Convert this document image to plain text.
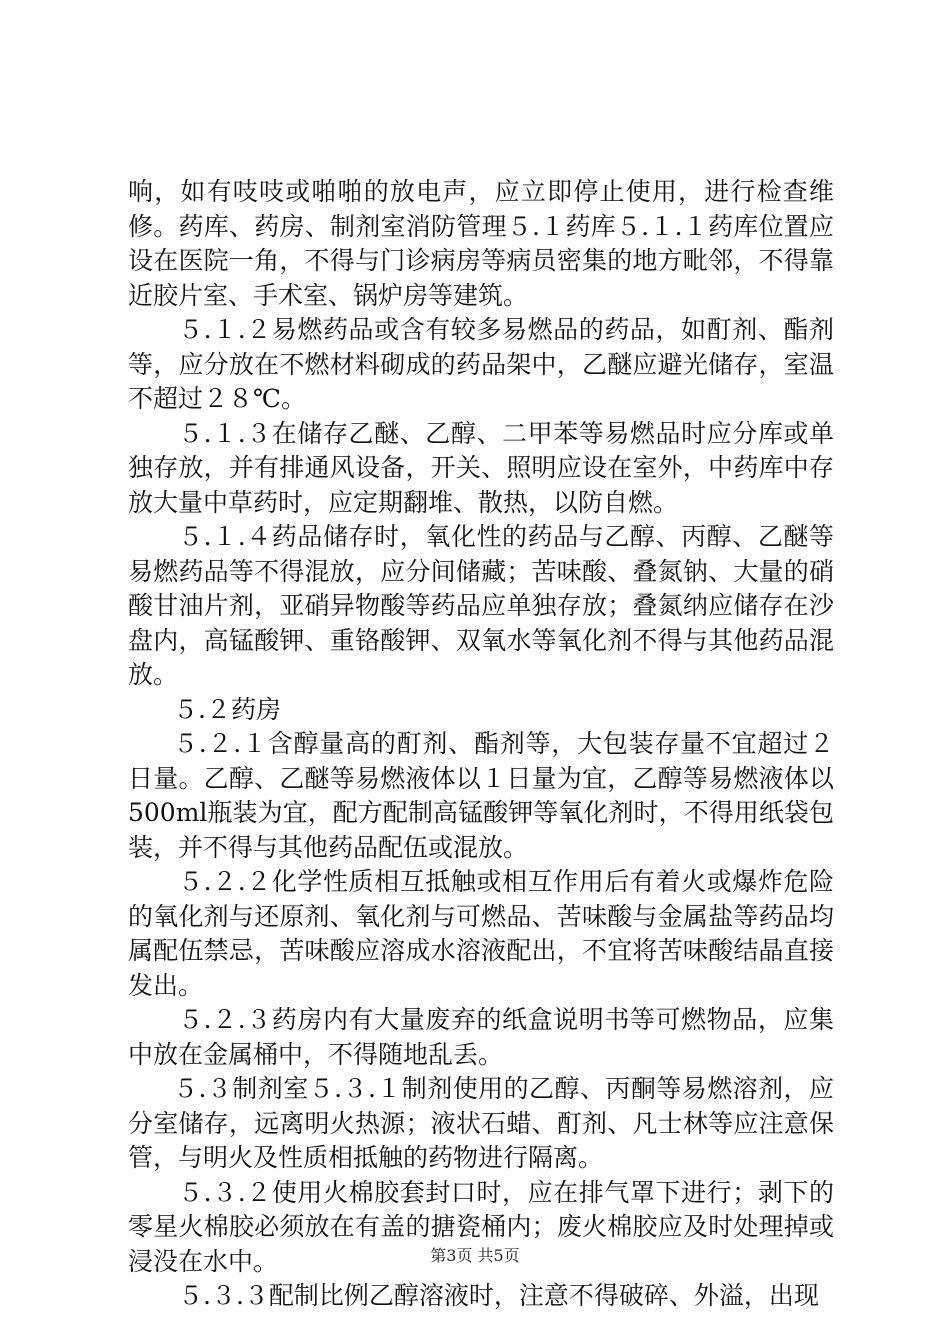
响，如有吱吱或啪啪的放电声，应立即停止使用，进行检查维修。药库、药房、制剂室消防管理５.１药库５.１.１药库位置应设在医院一角，不得与门诊病房等病员密集的地方毗邻，不得靠近胶片室、手术室、锅炉房等建筑。

５.１.２易燃药品或含有较多易燃品的药品，如酊剂、酯剂等，应分放在不燃材料砌成的药品架中，乙醚应避光储存，室温不超过２８℃。

５.１.３在储存乙醚、乙醇、二甲苯等易燃品时应分库或单独存放，并有排通风设备，开关、照明应设在室外，中药库中存放大量中草药时，应定期翻堆、散热，以防自燃。

５.１.４药品储存时，氧化性的药品与乙醇、丙醇、乙醚等易燃药品等不得混放，应分间储藏；苦味酸、叠氮钠、大量的硝酸甘油片剂，亚硝异物酸等药品应单独存放；叠氮纳应储存在沙盘内，高锰酸钾、重铬酸钾、双氧水等氧化剂不得与其他药品混放。

５.２药房

５.２.１含醇量高的酊剂、酯剂等，大包装存量不宜超过２日量。乙醇、乙醚等易燃液体以１日量为宜，乙醇等易燃液体以500ml瓶装为宜，配方配制高锰酸钾等氧化剂时，不得用纸袋包装，并不得与其他药品配伍或混放。

５.２.２化学性质相互抵触或相互作用后有着火或爆炸危险的氧化剂与还原剂、氧化剂与可燃品、苦味酸与金属盐等药品均属配伍禁忌，苦味酸应溶成水溶液配出，不宜将苦味酸结晶直接发出。

５.２.３药房内有大量废弃的纸盒说明书等可燃物品，应集中放在金属桶中，不得随地乱丢。

５.３制剂室５.３.１制剂使用的乙醇、丙酮等易燃溶剂，应分室储存，远离明火热源；液状石蜡、酊剂、凡士林等应注意保管，与明火及性质相抵触的药物进行隔离。

５.３.２使用火棉胶套封口时，应在排气罩下进行；剥下的零星火棉胶必须放在有盖的搪瓷桶内；废火棉胶应及时处理掉或浸没在水中。

５.３.３配制比例乙醇溶液时，注意不得破碎、外溢，出现

第3页 共5页
